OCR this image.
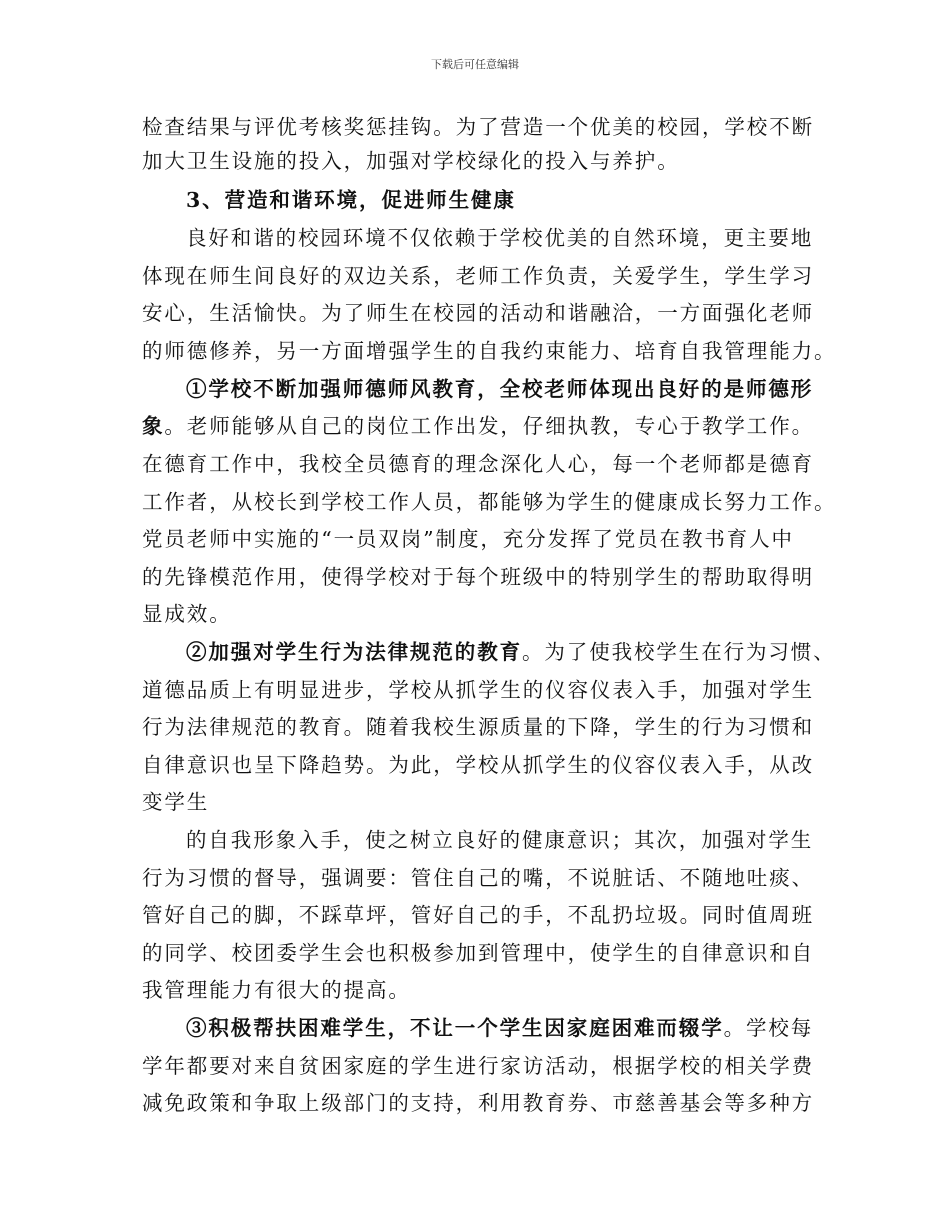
下载后可任意编辑
检查结果与评优考核奖惩挂钩。为了营造一个优美的校园，学校不断
加大卫生设施的投入，加强对学校绿化的投入与养护。
3、营造和谐环境，促进师生健康
良好和谐的校园环境不仅依赖于学校优美的自然环境，更主要地
体现在师生间良好的双边关系，老师工作负责，关爱学生，学生学习
安心，生活愉快。为了师生在校园的活动和谐融洽，一方面强化老师
的师德修养，另一方面增强学生的自我约束能力、培育自我管理能力。
①学校不断加强师德师风教育，全校老师体现出良好的是师德形
象。老师能够从自己的岗位工作出发，仔细执教，专心于教学工作。
在德育工作中，我校全员德育的理念深化人心，每一个老师都是德育
工作者，从校长到学校工作人员，都能够为学生的健康成长努力工作。
党员老师中实施的“一员双岗”制度，充分发挥了党员在教书育人中
的先锋模范作用，使得学校对于每个班级中的特别学生的帮助取得明
显成效。
②加强对学生行为法律规范的教育。为了使我校学生在行为习惯、
道德品质上有明显进步，学校从抓学生的仪容仪表入手，加强对学生
行为法律规范的教育。随着我校生源质量的下降，学生的行为习惯和
自律意识也呈下降趋势。为此，学校从抓学生的仪容仪表入手，从改
变学生
的自我形象入手，使之树立良好的健康意识；其次，加强对学生
行为习惯的督导，强调要：管住自己的嘴，不说脏话、不随地吐痰、
管好自己的脚，不踩草坪，管好自己的手，不乱扔垃圾。同时值周班
的同学、校团委学生会也积极参加到管理中，使学生的自律意识和自
我管理能力有很大的提高。
③积极帮扶困难学生，不让一个学生因家庭困难而辍学。学校每
学年都要对来自贫困家庭的学生进行家访活动，根据学校的相关学费
减免政策和争取上级部门的支持，利用教育券、市慈善基会等多种方
